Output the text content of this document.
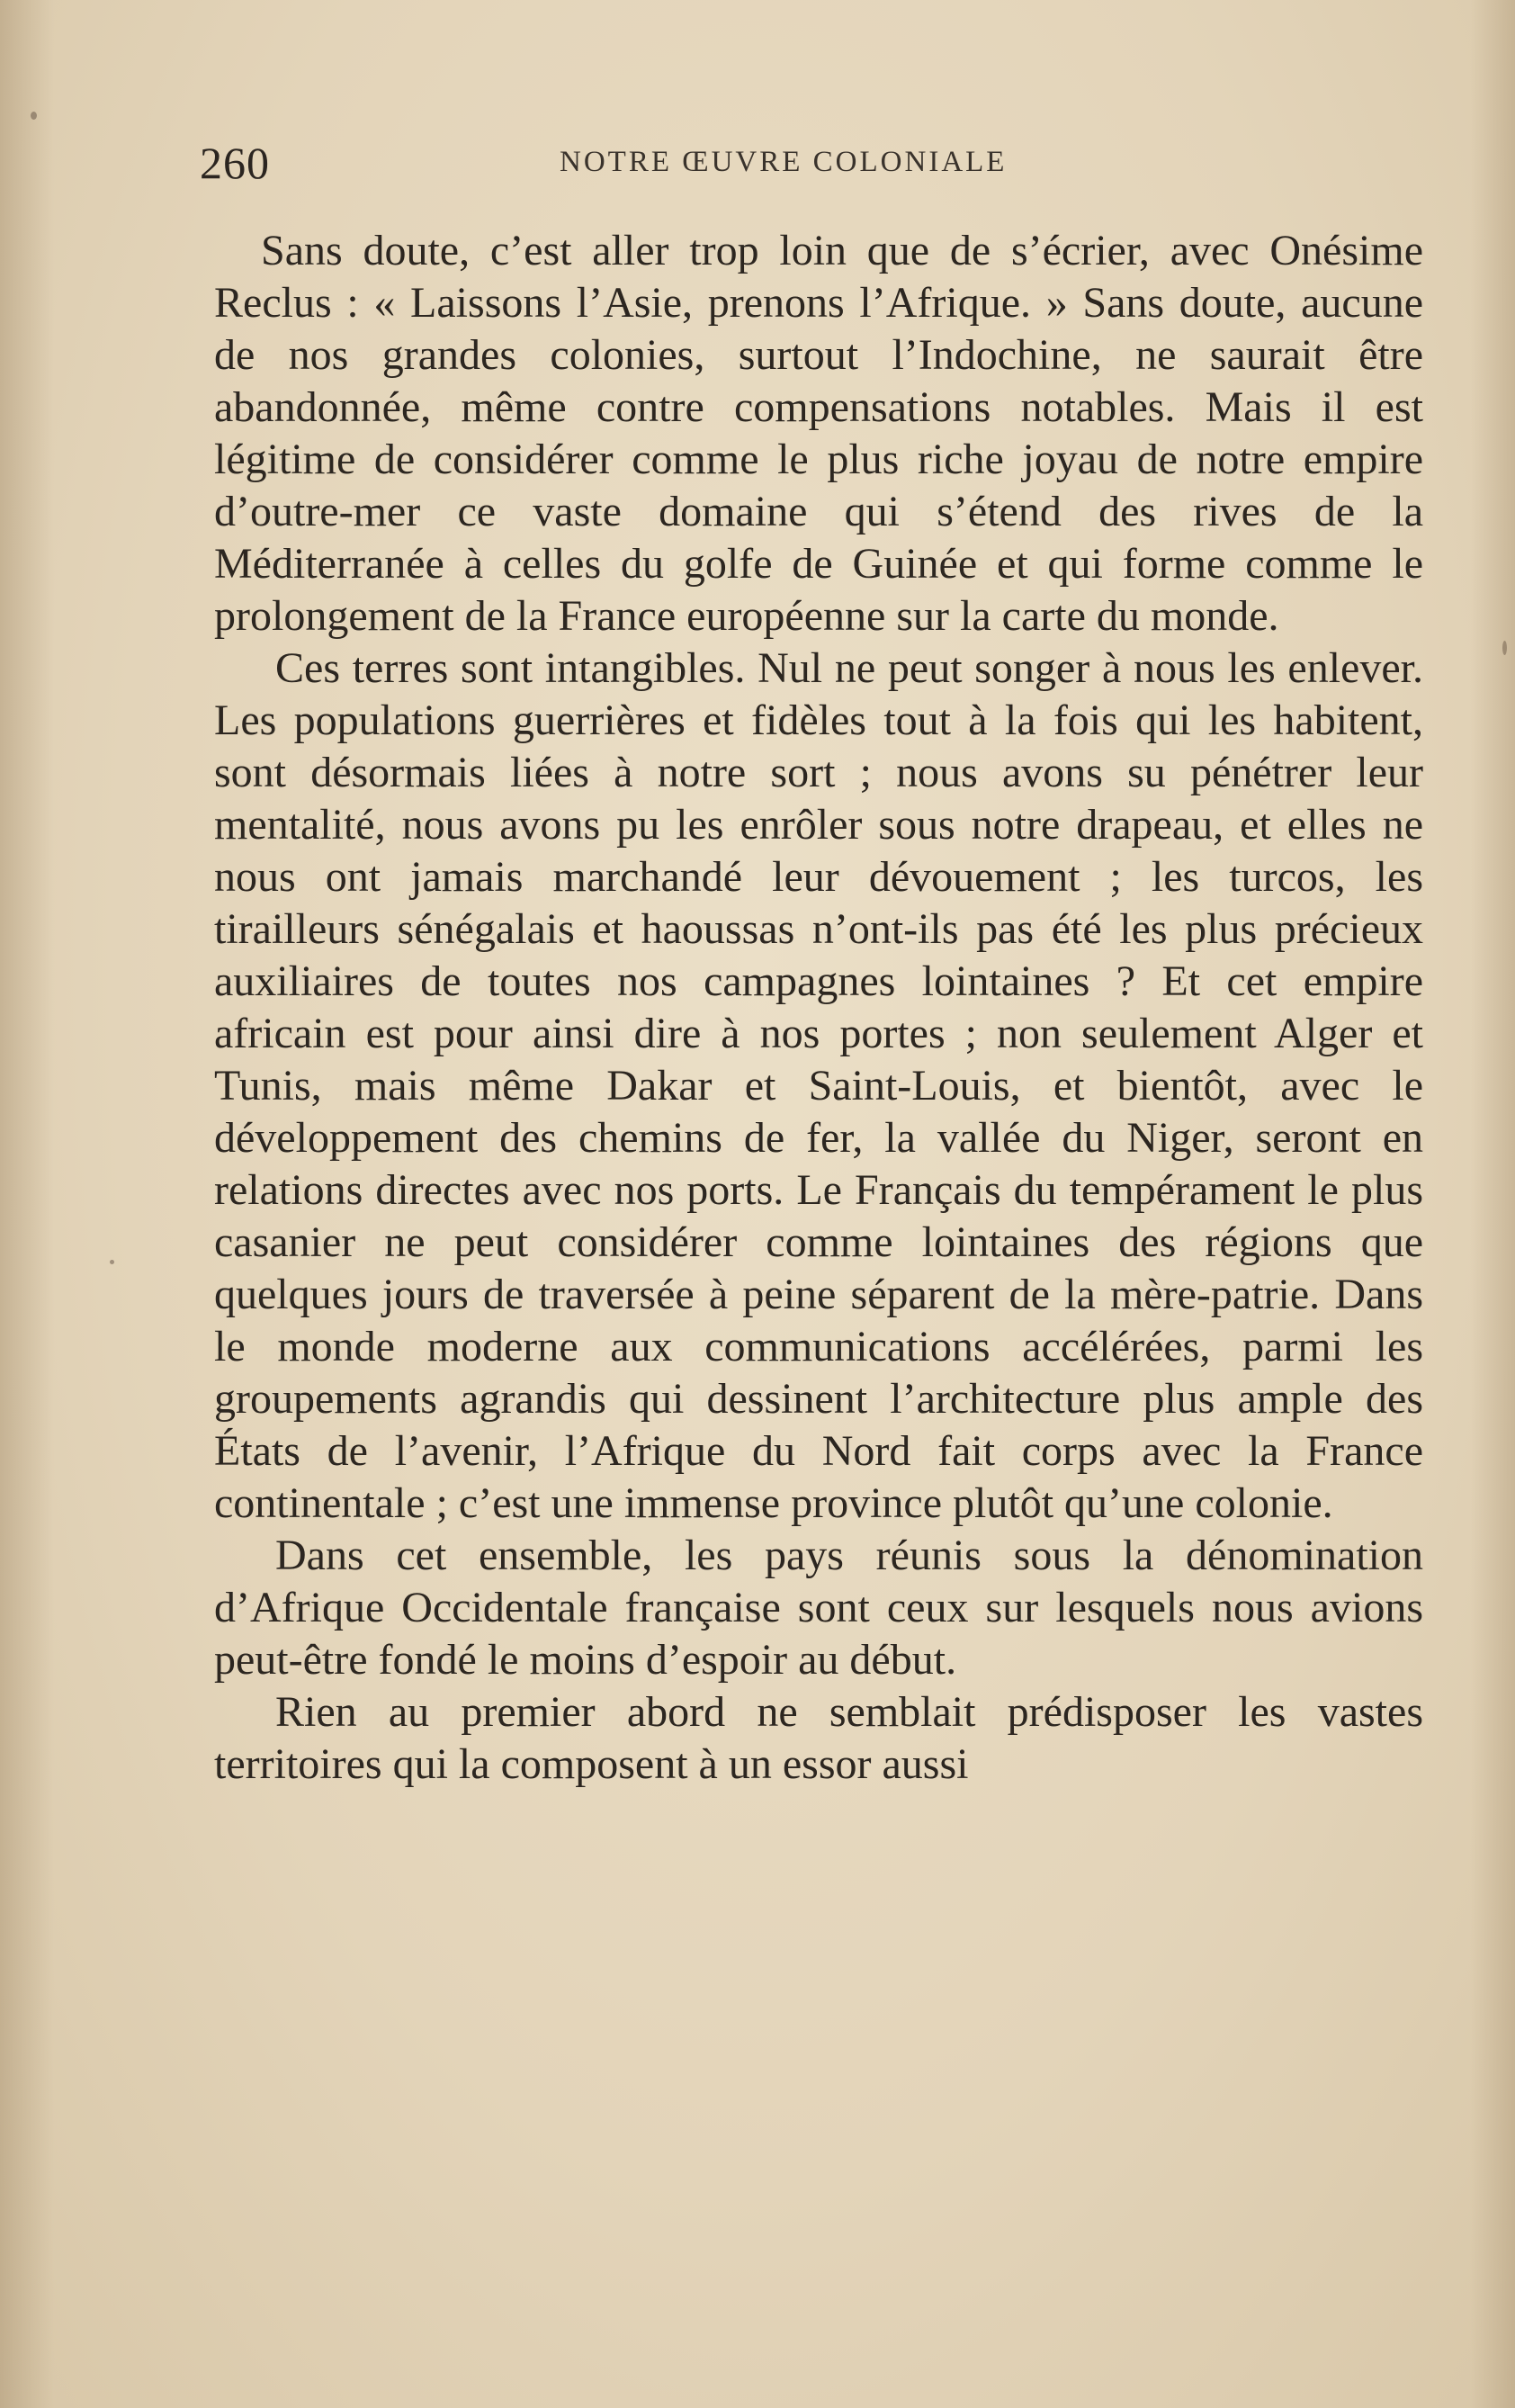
260	NOTRE ŒUVRE COLONIALE

Sans doute, c’est aller trop loin que de s’écrier, avec Onésime Reclus : « Laissons l’Asie, prenons l’Afrique. » Sans doute, aucune de nos grandes colonies, surtout l’Indochine, ne saurait être abandonnée, même contre compensations notables. Mais il est légitime de considérer comme le plus riche joyau de notre empire d’outre-mer ce vaste domaine qui s’étend des rives de la Méditerranée à celles du golfe de Guinée et qui forme comme le prolongement de la France européenne sur la carte du monde.

Ces terres sont intangibles. Nul ne peut songer à nous les enlever. Les populations guerrières et fidèles tout à la fois qui les habitent, sont désormais liées à notre sort ; nous avons su pénétrer leur mentalité, nous avons pu les enrôler sous notre drapeau, et elles ne nous ont jamais marchandé leur dévouement ; les turcos, les tirailleurs sénégalais et haoussas n’ont-ils pas été les plus précieux auxiliaires de toutes nos campagnes lointaines ? Et cet empire africain est pour ainsi dire à nos portes ; non seulement Alger et Tunis, mais même Dakar et Saint-Louis, et bientôt, avec le développement des chemins de fer, la vallée du Niger, seront en relations directes avec nos ports. Le Français du tempérament le plus casanier ne peut considérer comme lointaines des régions que quelques jours de traversée à peine séparent de la mère-patrie. Dans le monde moderne aux communications accélérées, parmi les groupements agrandis qui dessinent l’architecture plus ample des États de l’avenir, l’Afrique du Nord fait corps avec la France continentale ; c’est une immense province plutôt qu’une colonie.

Dans cet ensemble, les pays réunis sous la dénomination d’Afrique Occidentale française sont ceux sur lesquels nous avions peut-être fondé le moins d’espoir au début.

Rien au premier abord ne semblait prédisposer les vastes territoires qui la composent à un essor aussi
